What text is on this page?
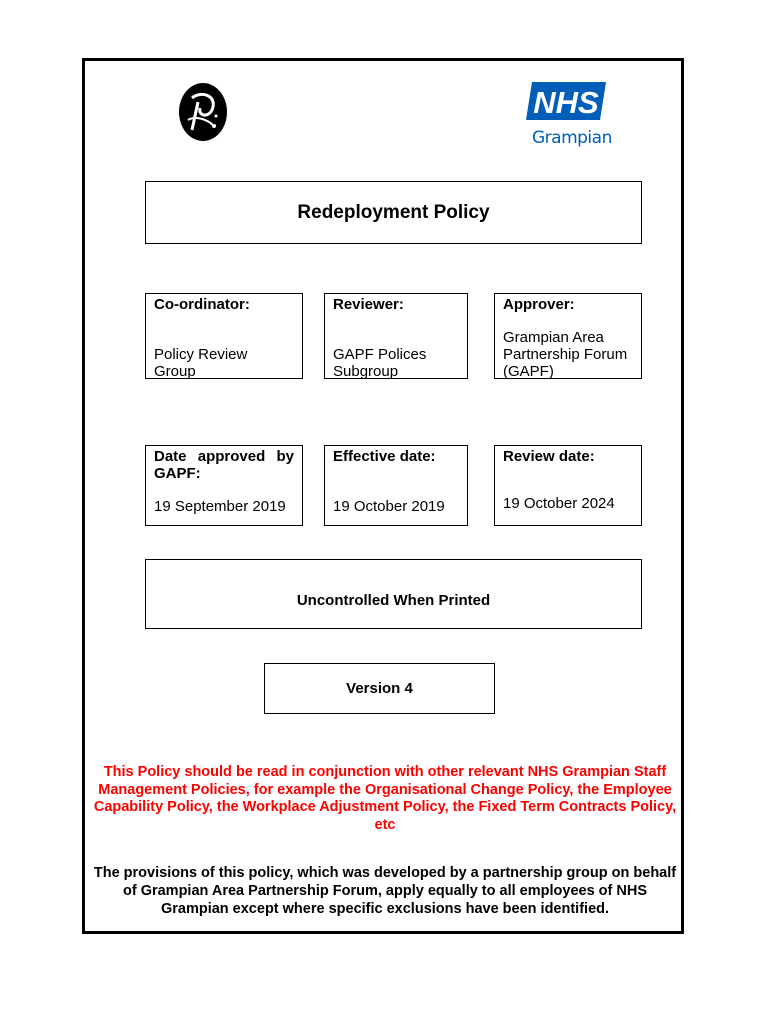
NHS
Grampian
Redeployment Policy
Co-ordinator:
Policy Review Group
Reviewer:
GAPF Polices Subgroup
Approver:
Grampian Area Partnership Forum (GAPF)
Date approved by GAPF:
19 September 2019
Effective date:
19 October 2019
Review date:
19 October 2024
Uncontrolled When Printed
Version 4
This Policy should be read in conjunction with other relevant NHS Grampian Staff Management Policies, for example the Organisational Change Policy, the Employee Capability Policy, the Workplace Adjustment Policy, the Fixed Term Contracts Policy, etc
The provisions of this policy, which was developed by a partnership group on behalf of Grampian Area Partnership Forum, apply equally to all employees of NHS Grampian except where specific exclusions have been identified.
